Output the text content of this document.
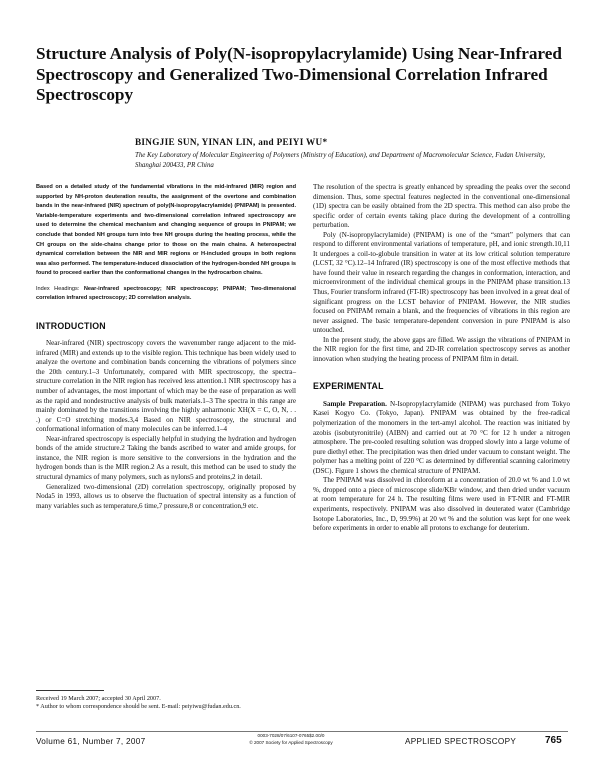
Structure Analysis of Poly(N-isopropylacrylamide) Using Near-Infrared Spectroscopy and Generalized Two-Dimensional Correlation Infrared Spectroscopy

BINGJIE SUN, YINAN LIN, and PEIYI WU*

The Key Laboratory of Molecular Engineering of Polymers (Ministry of Education), and Department of Macromolecular Science, Fudan University, Shanghai 200433, PR China

Based on a detailed study of the fundamental vibrations in the mid-infrared (MIR) region and supported by NH-proton deuteration results, the assignment of the overtone and combination bands in the near-infrared (NIR) spectrum of poly(N-isopropylacrylamide) (PNIPAM) is presented. Variable-temperature experiments and two-dimensional correlation infrared spectroscopy are used to determine the chemical mechanism and changing sequence of groups in PNIPAM; we conclude that bonded NH groups turn into free NH groups during the heating process, while the CH groups on the side-chains change prior to those on the main chains. A heterospectral dynamical correlation between the NIR and MIR regions or H-included groups in both regions was also performed. The temperature-induced dissociation of the hydrogen-bonded NH groups is found to proceed earlier than the conformational changes in the hydrocarbon chains.

Index Headings: Near-infrared spectroscopy; NIR spectroscopy; PNIPAM; Two-dimensional correlation infrared spectroscopy; 2D correlation analysis.

INTRODUCTION

Near-infrared (NIR) spectroscopy covers the wavenumber range adjacent to the mid-infrared (MIR) and extends up to the visible region. This technique has been widely used to analyze the overtone and combination bands concerning the vibrations of polymers since the 20th century.1–3 Unfortunately, compared with MIR spectroscopy, the spectra–structure correlation in the NIR region has received less attention.1 NIR spectroscopy has a number of advantages, the most important of which may be the ease of preparation as well as the rapid and nondestructive analysis of bulk materials.1–3 The spectra in this range are mainly dominated by the transitions involving the highly anharmonic XH(X = C, O, N, . . .) or C=O stretching modes.3,4 Based on NIR spectroscopy, the structural and conformational information of many molecules can be inferred.1–4

Near-infrared spectroscopy is especially helpful in studying the hydration and hydrogen bonds of the amide structure.2 Taking the bands ascribed to water and amide groups, for instance, the NIR region is more sensitive to the conversions in the hydration and the hydrogen bonds than is the MIR region.2 As a result, this method can be used to study the structural dynamics of many polymers, such as nylons5 and proteins,2 in detail.

Generalized two-dimensional (2D) correlation spectroscopy, originally proposed by Noda5 in 1993, allows us to observe the fluctuation of spectral intensity as a function of many variables such as temperature,6 time,7 pressure,8 or concentration,9 etc.

The resolution of the spectra is greatly enhanced by spreading the peaks over the second dimension. Thus, some spectral features neglected in the conventional one-dimensional (1D) spectra can be easily obtained from the 2D spectra. This method can also probe the specific order of certain events taking place during the development of a controlling perturbation.

Poly (N-isopropylacrylamide) (PNIPAM) is one of the “smart” polymers that can respond to different environmental variations of temperature, pH, and ionic strength.10,11 It undergoes a coil-to-globule transition in water at its low critical solution temperature (LCST, 32 °C).12–14 Infrared (IR) spectroscopy is one of the most effective methods that have found their value in research regarding the changes in conformation, interaction, and microenvironment of the individual chemical groups in the PNIPAM phase transition.13 Thus, Fourier transform infrared (FT-IR) spectroscopy has been involved in a great deal of significant progress on the LCST behavior of PNIPAM. However, the NIR studies focused on PNIPAM remain a blank, and the frequencies of vibrations in this region are never assigned. The basic temperature-dependent conversion in pure PNIPAM is also untouched.

In the present study, the above gaps are filled. We assign the vibrations of PNIPAM in the NIR region for the first time, and 2D-IR correlation spectroscopy serves as another innovation when studying the heating process of PNIPAM film in detail.

EXPERIMENTAL

Sample Preparation. N-Isopropylacrylamide (NIPAM) was purchased from Tokyo Kasei Kogyo Co. (Tokyo, Japan). PNIPAM was obtained by the free-radical polymerization of the monomers in the tert-amyl alcohol. The reaction was initiated by azobis (isobutyronitrile) (AIBN) and carried out at 70 °C for 12 h under a nitrogen atmosphere. The pre-cooled resulting solution was dropped slowly into a large volume of pure diethyl ether. The precipitation was then dried under vacuum to constant weight. The polymer has a melting point of 220 °C as determined by differential scanning calorimetry (DSC). Figure 1 shows the chemical structure of PNIPAM.

The PNIPAM was dissolved in chloroform at a concentration of 20.0 wt % and 1.0 wt %, dropped onto a piece of microscope slide/KBr window, and then dried under vacuum at room temperature for 24 h. The resulting films were used in FT-NIR and FT-MIR experiments, respectively. PNIPAM was also dissolved in deuterated water (Cambridge Isotope Laboratories, Inc., D, 99.9%) at 20 wt % and the solution was kept for one week before experiments in order to enable all protons to exchange for deuterium.

Received 19 March 2007; accepted 30 April 2007.

* Author to whom correspondence should be sent. E-mail: peiyiwu@fudan.edu.cn.

Volume 61, Number 7, 2007
0003-7028/07/6107-0765$2.00/0
© 2007 Society for Applied Spectroscopy	APPLIED SPECTROSCOPY	765
